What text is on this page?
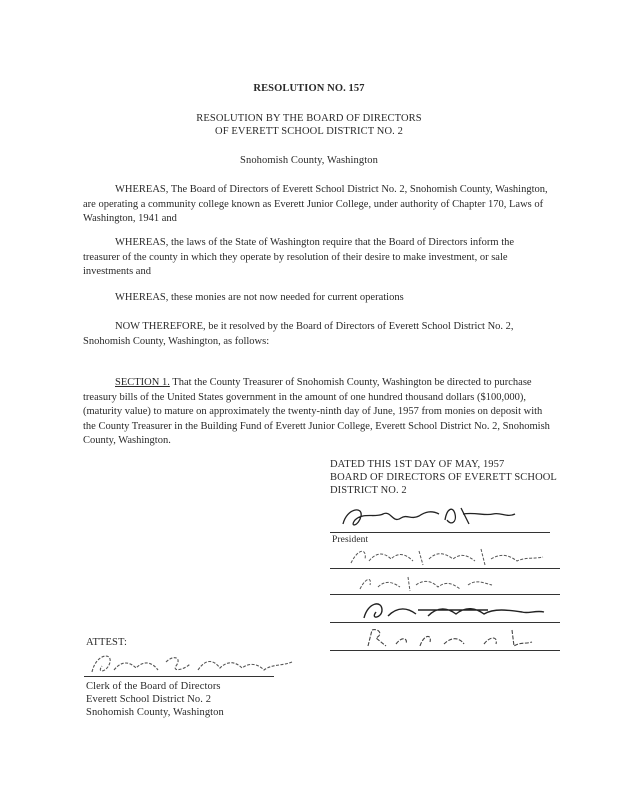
RESOLUTION NO. 157
RESOLUTION BY THE BOARD OF DIRECTORS
OF EVERETT SCHOOL DISTRICT NO. 2
Snohomish County, Washington
WHEREAS, The Board of Directors of Everett School District No. 2, Snohomish County, Washington, are operating a community college known as Everett Junior College, under authority of Chapter 170, Laws of Washington, 1941 and
WHEREAS, the laws of the State of Washington require that the Board of Directors inform the treasurer of the county in which they operate by resolution of their desire to make investment, or sale investments and
WHEREAS, these monies are not now needed for current operations
NOW THEREFORE, be it resolved by the Board of Directors of Everett School District No. 2, Snohomish County, Washington, as follows:
SECTION 1. That the County Treasurer of Snohomish County, Washington be directed to purchase treasury bills of the United States government in the amount of one hundred thousand dollars ($100,000), (maturity value) to mature on approximately the twenty-ninth day of June, 1957 from monies on deposit with the County Treasurer in the Building Fund of Everett Junior College, Everett School District No. 2, Snohomish County, Washington.
DATED THIS 1ST DAY OF MAY, 1957
BOARD OF DIRECTORS OF EVERETT SCHOOL
DISTRICT NO. 2
President
ATTEST:
Clerk of the Board of Directors
Everett School District No. 2
Snohomish County, Washington
